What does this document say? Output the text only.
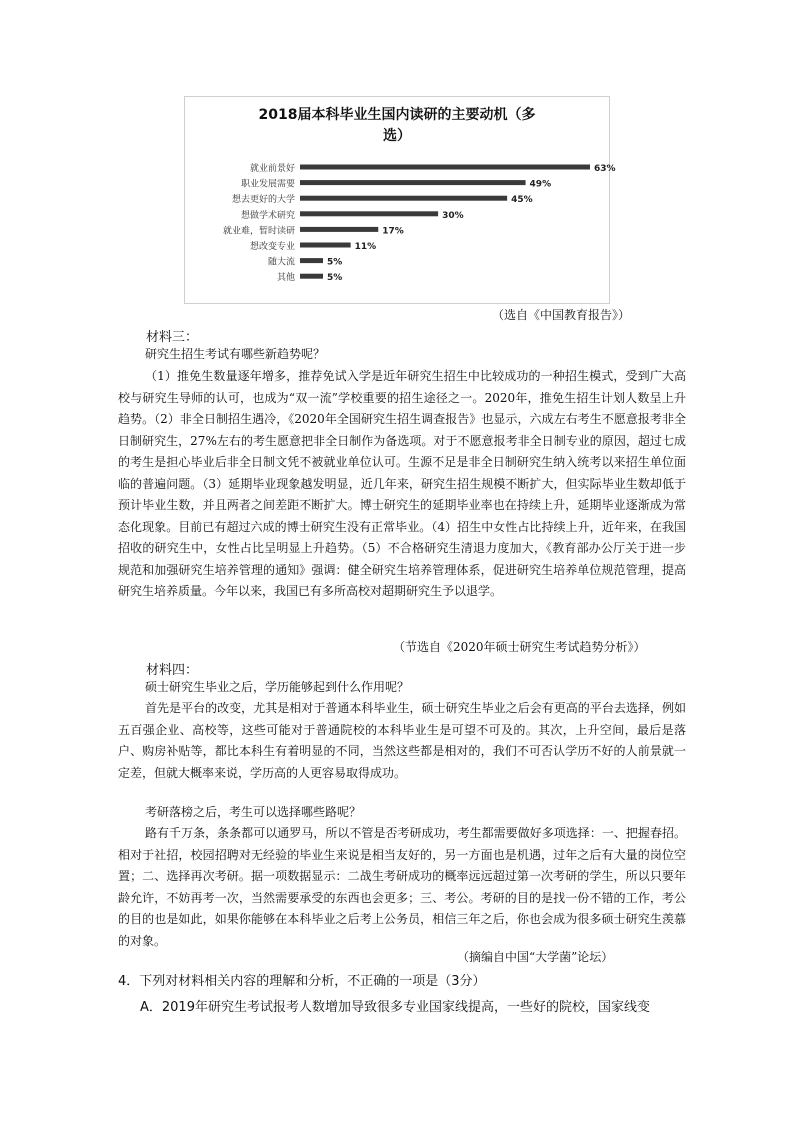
2018届本科毕业生国内读研的主要动机（多
选）
就业前景好	63%
职业发展需要	49%
想去更好的大学	45%
想做学术研究	30%
就业难，暂时读研	17%
想改变专业	11%
随大流	5%
其他	5%
（选自《中国教育报告》）
材料三：

研究生招生考试有哪些新趋势呢？

（1）推免生数量逐年增多，推荐免试入学是近年研究生招生中比较成功的一种招生模式，受到广大高校与研究生导师的认可，也成为“双一流”学校重要的招生途径之一。2020年，推免生招生计划人数呈上升趋势。（2）非全日制招生遇冷，《2020年全国研究生招生调查报告》也显示，六成左右考生不愿意报考非全日制研究生，27%左右的考生愿意把非全日制作为备选项。对于不愿意报考非全日制专业的原因，超过七成的考生是担心毕业后非全日制文凭不被就业单位认可。生源不足是非全日制研究生纳入统考以来招生单位面临的普遍问题。（3）延期毕业现象越发明显，近几年来，研究生招生规模不断扩大，但实际毕业生数却低于预计毕业生数，并且两者之间差距不断扩大。博士研究生的延期毕业率也在持续上升，延期毕业逐渐成为常态化现象。目前已有超过六成的博士研究生没有正常毕业。（4）招生中女性占比持续上升，近年来，在我国招收的研究生中，女性占比呈明显上升趋势。（5）不合格研究生清退力度加大，《教育部办公厅关于进一步规范和加强研究生培养管理的通知》强调：健全研究生培养管理体系，促进研究生培养单位规范管理，提高研究生培养质量。今年以来，我国已有多所高校对超期研究生予以退学。

（节选自《2020年硕士研究生考试趋势分析》）
材料四：

硕士研究生毕业之后，学历能够起到什么作用呢？

首先是平台的改变，尤其是相对于普通本科毕业生，硕士研究生毕业之后会有更高的平台去选择，例如五百强企业、高校等，这些可能对于普通院校的本科毕业生是可望不可及的。其次，上升空间，最后是落户、购房补贴等，都比本科生有着明显的不同，当然这些都是相对的，我们不可否认学历不好的人前景就一定差，但就大概率来说，学历高的人更容易取得成功。

考研落榜之后，考生可以选择哪些路呢？

路有千万条，条条都可以通罗马，所以不管是否考研成功，考生都需要做好多项选择：一、把握春招。相对于社招，校园招聘对无经验的毕业生来说是相当友好的，另一方面也是机遇，过年之后有大量的岗位空置；二、选择再次考研。据一项数据显示：二战生考研成功的概率远远超过第一次考研的学生，所以只要年龄允许，不妨再考一次，当然需要承受的东西也会更多；三、考公。考研的目的是找一份不错的工作，考公的目的也是如此，如果你能够在本科毕业之后考上公务员，相信三年之后，你也会成为很多硕士研究生羡慕的对象。

（摘编自中国“大学菌”论坛）
4．下列对材料相关内容的理解和分析，不正确的一项是（3分）
A．2019年研究生考试报考人数增加导致很多专业国家线提高，一些好的院校，国家线变
